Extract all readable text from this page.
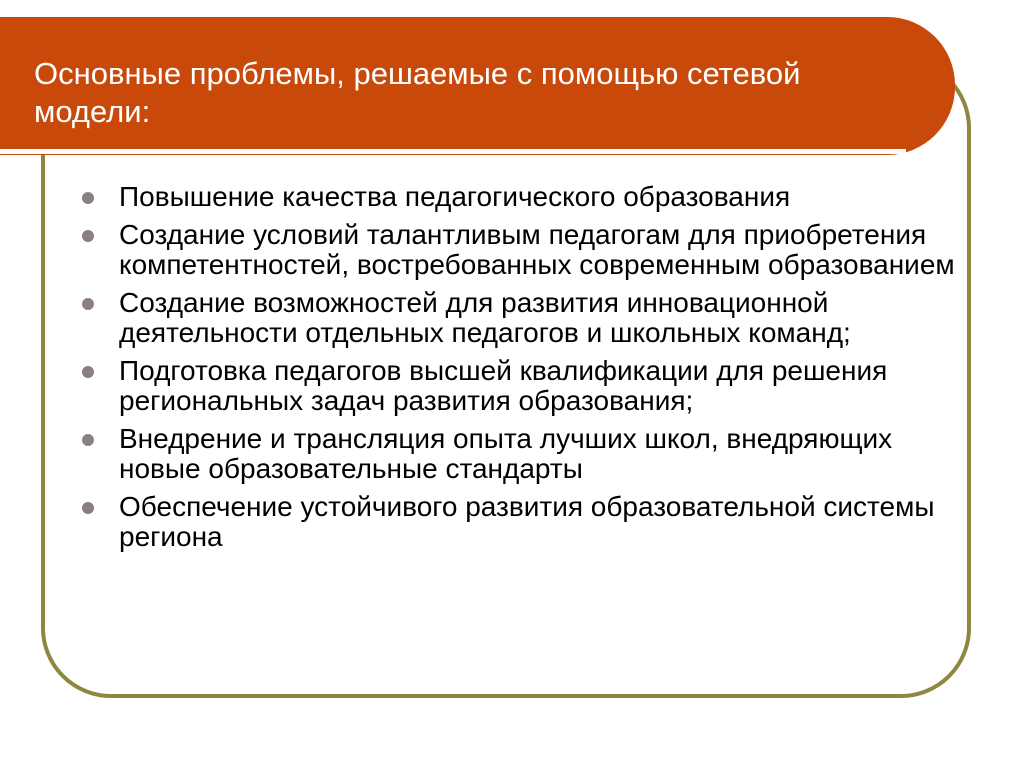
Основные проблемы, решаемые с помощью сетевой модели:
Повышение качества педагогического образования
Создание условий талантливым педагогам для приобретения компетентностей, востребованных современным образованием
Создание возможностей для развития инновационной деятельности отдельных педагогов и школьных команд;
Подготовка педагогов высшей квалификации для решения региональных задач развития образования;
Внедрение и трансляция опыта лучших школ, внедряющих новые образовательные стандарты
Обеспечение устойчивого развития образовательной системы региона
